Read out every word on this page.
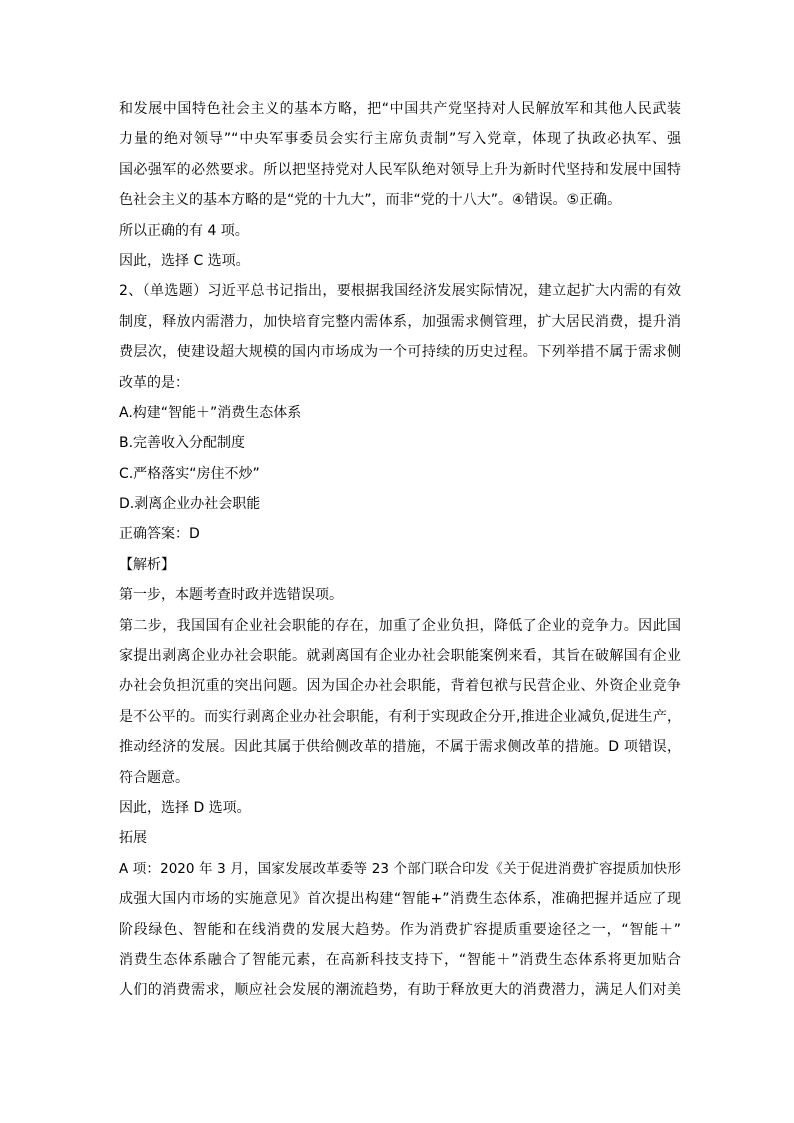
和发展中国特色社会主义的基本方略，把“中国共产党坚持对人民解放军和其他人民武装
力量的绝对领导”“中央军事委员会实行主席负责制”写入党章，体现了执政必执军、强
国必强军的必然要求。所以把坚持党对人民军队绝对领导上升为新时代坚持和发展中国特
色社会主义的基本方略的是“党的十九大”，而非“党的十八大”。④错误。⑤正确。
所以正确的有 4 项。
因此，选择 C 选项。
2、（单选题）习近平总书记指出，要根据我国经济发展实际情况，建立起扩大内需的有效
制度，释放内需潜力，加快培育完整内需体系，加强需求侧管理，扩大居民消费，提升消
费层次，使建设超大规模的国内市场成为一个可持续的历史过程。下列举措不属于需求侧
改革的是：
A.构建“智能＋”消费生态体系
B.完善收入分配制度
C.严格落实“房住不炒”
D.剥离企业办社会职能
正确答案：D
【解析】
第一步，本题考查时政并选错误项。
第二步，我国国有企业社会职能的存在，加重了企业负担，降低了企业的竞争力。因此国
家提出剥离企业办社会职能。就剥离国有企业办社会职能案例来看，其旨在破解国有企业
办社会负担沉重的突出问题。因为国企办社会职能，背着包袱与民营企业、外资企业竞争
是不公平的。而实行剥离企业办社会职能，有利于实现政企分开,推进企业减负,促进生产，
推动经济的发展。因此其属于供给侧改革的措施，不属于需求侧改革的措施。D 项错误，
符合题意。
因此，选择 D 选项。
拓展
A 项：2020 年 3 月，国家发展改革委等 23 个部门联合印发《关于促进消费扩容提质加快形
成强大国内市场的实施意见》首次提出构建“智能+”消费生态体系，准确把握并适应了现
阶段绿色、智能和在线消费的发展大趋势。作为消费扩容提质重要途径之一，“智能＋”
消费生态体系融合了智能元素，在高新科技支持下，“智能＋”消费生态体系将更加贴合
人们的消费需求，顺应社会发展的潮流趋势，有助于释放更大的消费潜力，满足人们对美
